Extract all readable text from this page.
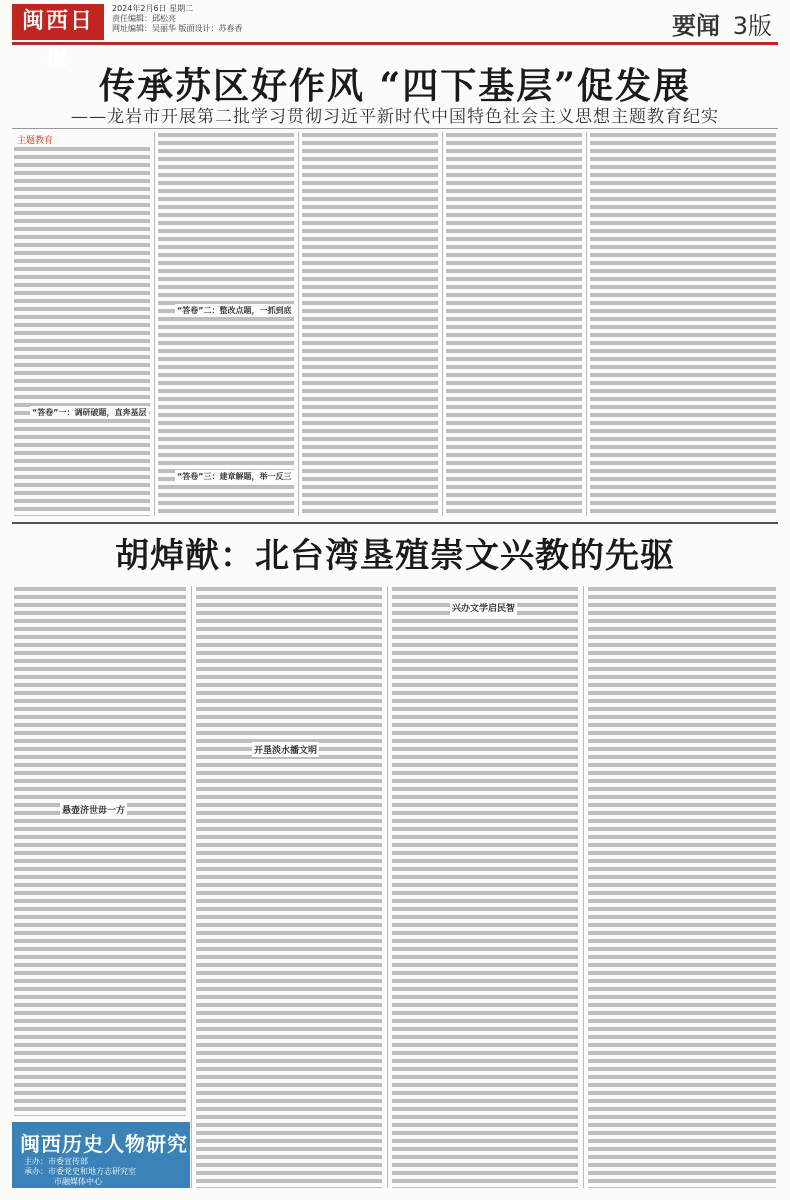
闽西日报
2024年2月6日 星期二
责任编辑：邱松亮
网址编辑：吴丽华 版面设计：苏春香	要闻 3版
传承苏区好作风 “四下基层”促发展
——龙岩市开展第二批学习贯彻习近平新时代中国特色社会主义思想主题教育纪实
主题教育
“答卷”一：调研破题，直奔基层
“答卷”二：整改点题，一抓到底
“答卷”三：建章解题，举一反三
胡焯猷：北台湾垦殖崇文兴教的先驱
悬壶济世毋一方
开垦淡水播文明
兴办文学启民智
闽西历史人物研究
主办：市委宣传部
承办：市委党史和地方志研究室
市融媒体中心
